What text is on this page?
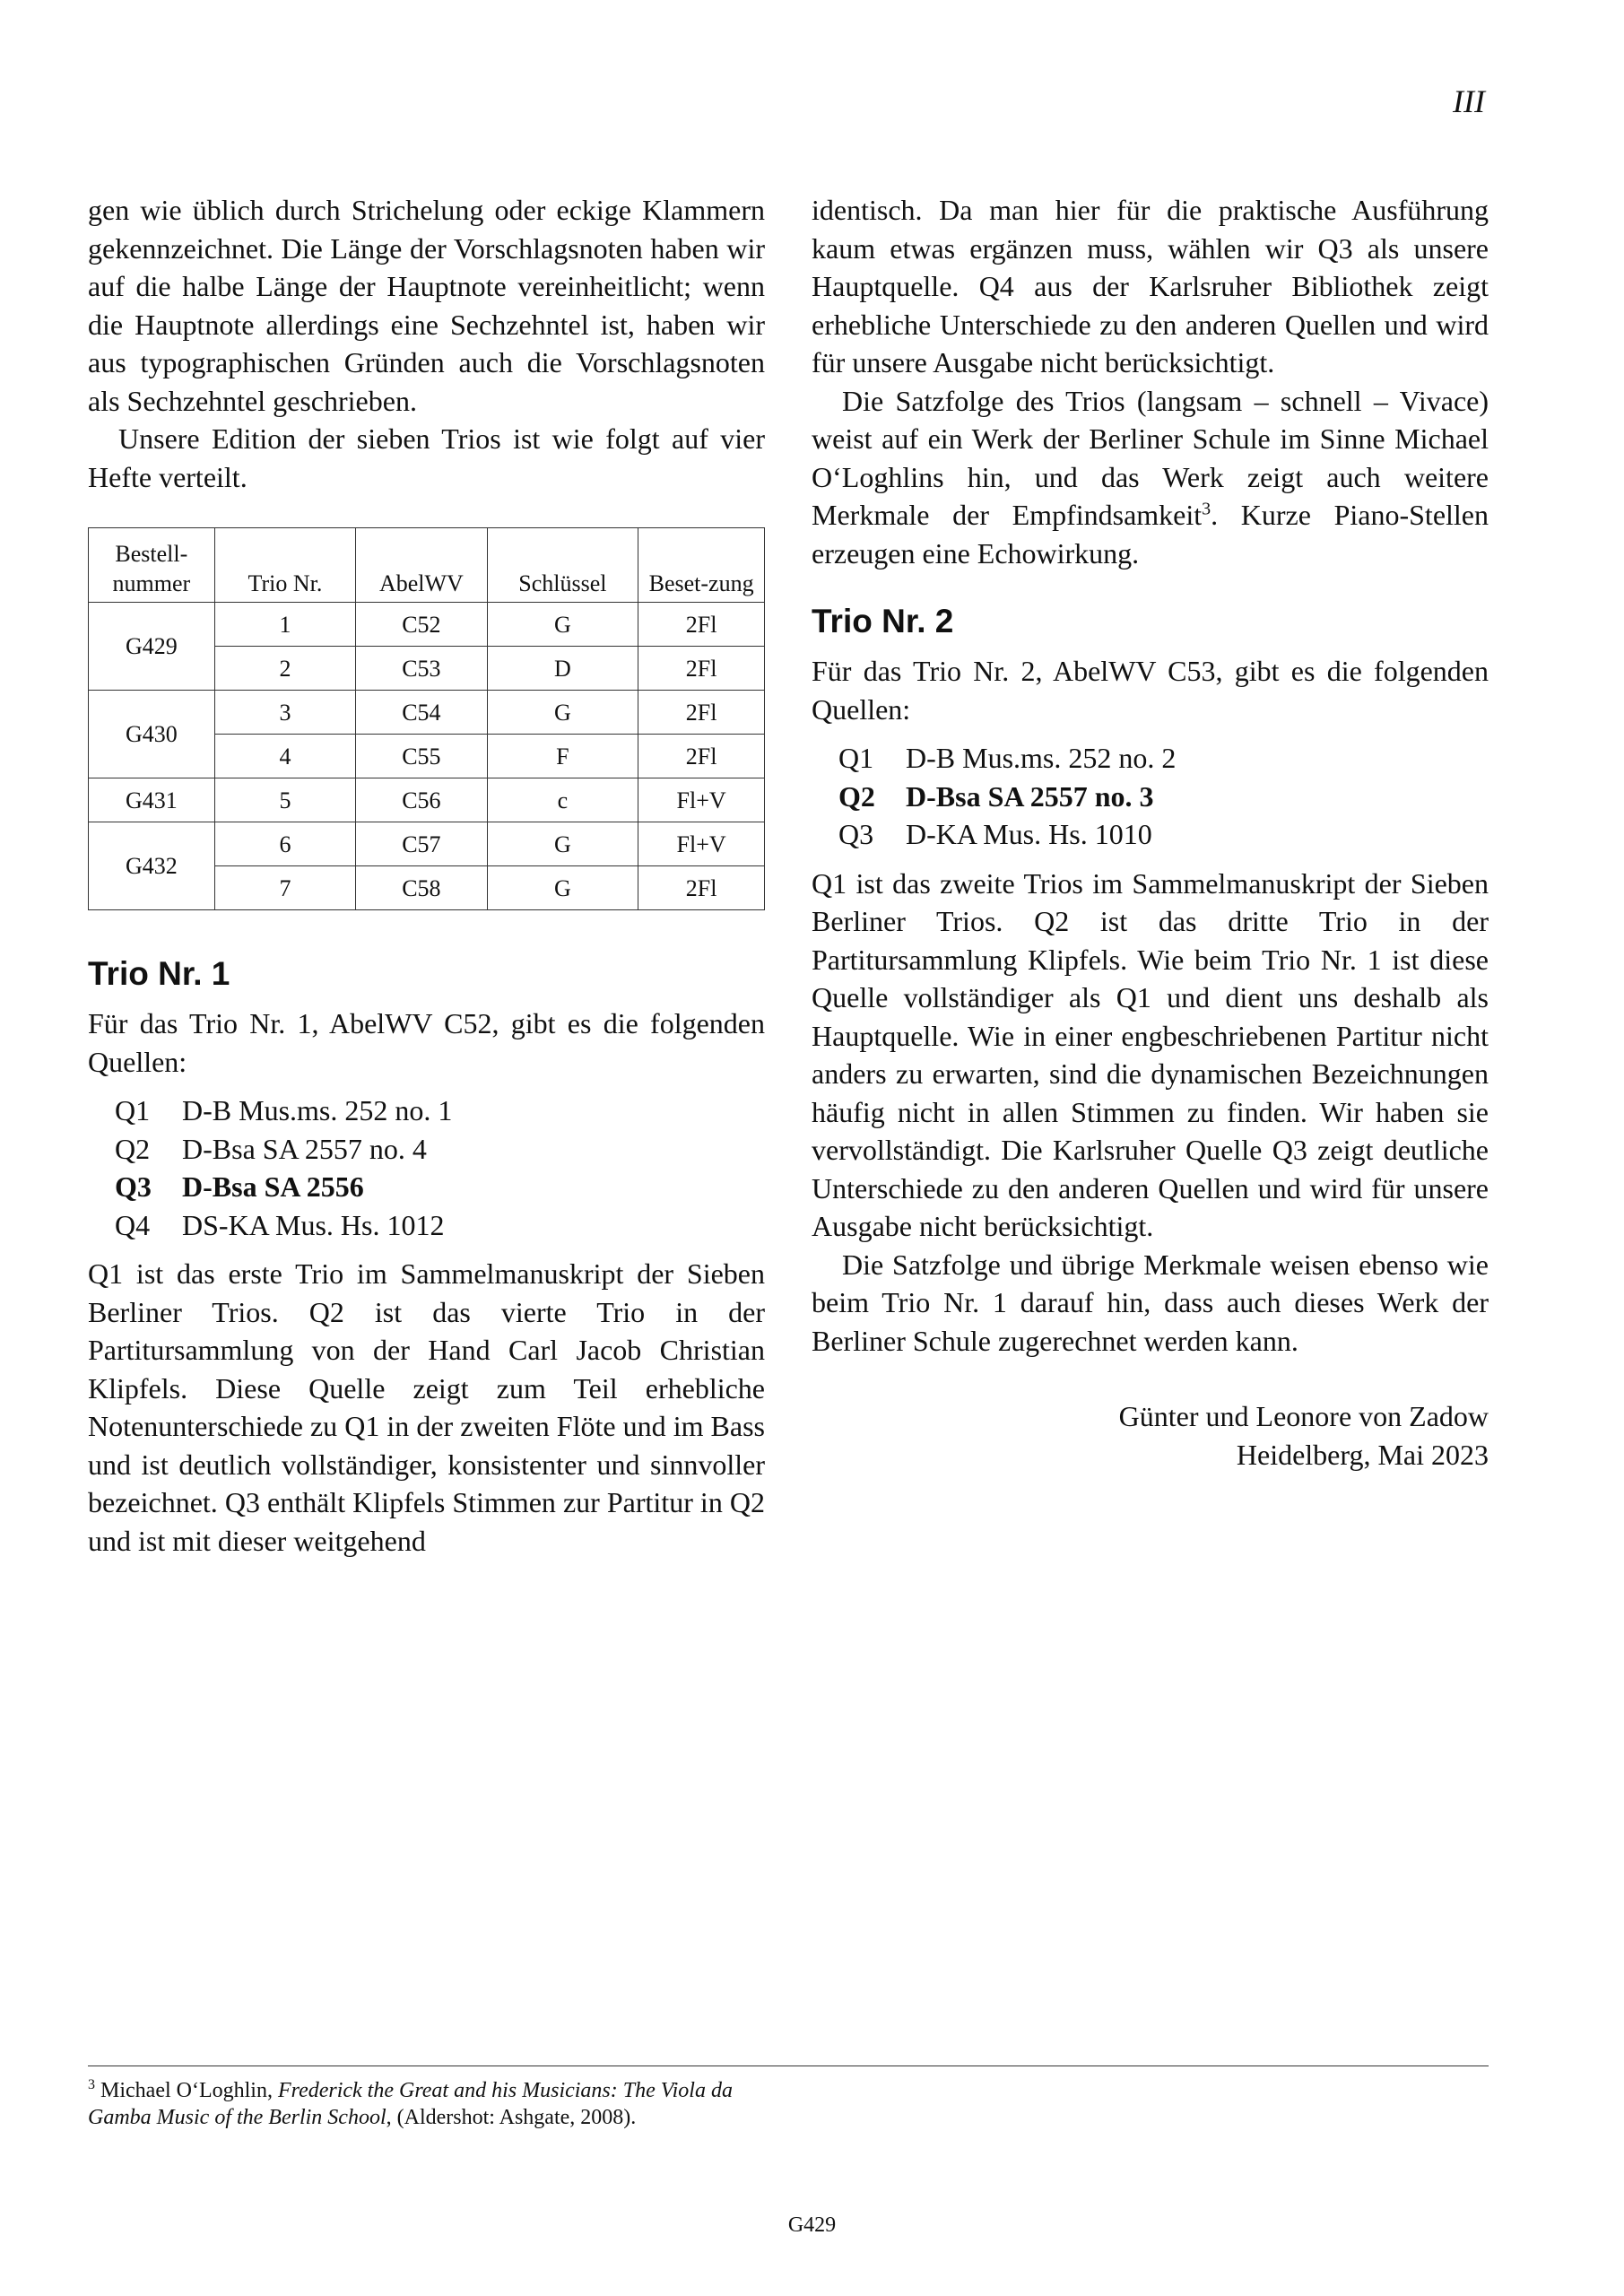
III

gen wie üblich durch Strichelung oder eckige Klammern gekennzeichnet. Die Länge der Vorschlagsnoten haben wir auf die halbe Länge der Hauptnote vereinheitlicht; wenn die Hauptnote allerdings eine Sechzehntel ist, haben wir aus typographischen Gründen auch die Vorschlagsnoten als Sechzehntel geschrieben.

Unsere Edition der sieben Trios ist wie folgt auf vier Hefte verteilt.

Bestell-nummer	Trio Nr.	AbelWV	Schlüssel	Beset-zung
G429	1	C52	G	2Fl
	2	C53	D	2Fl
G430	3	C54	G	2Fl
	4	C55	F	2Fl
G431	5	C56	c	Fl+V
G432	6	C57	G	Fl+V
	7	C58	G	2Fl
Trio Nr. 1

Für das Trio Nr. 1, AbelWV C52, gibt es die folgenden Quellen:

Q1	D-B Mus.ms. 252 no. 1
Q2	D-Bsa SA 2557 no. 4
Q3	D-Bsa SA 2556
Q4	DS-KA Mus. Hs. 1012

Q1 ist das erste Trio im Sammelmanuskript der Sieben Berliner Trios. Q2 ist das vierte Trio in der Partitursammlung von der Hand Carl Jacob Christian Klipfels. Diese Quelle zeigt zum Teil erhebliche Notenunterschiede zu Q1 in der zweiten Flöte und im Bass und ist deutlich vollständiger, konsistenter und sinnvoller bezeichnet. Q3 enthält Klipfels Stimmen zur Partitur in Q2 und ist mit dieser weitgehend

identisch. Da man hier für die praktische Ausführung kaum etwas ergänzen muss, wählen wir Q3 als unsere Hauptquelle. Q4 aus der Karlsruher Bibliothek zeigt erhebliche Unterschiede zu den anderen Quellen und wird für unsere Ausgabe nicht berücksichtigt.

Die Satzfolge des Trios (langsam – schnell – Vivace) weist auf ein Werk der Berliner Schule im Sinne Michael O‘Loghlins hin, und das Werk zeigt auch weitere Merkmale der Empfindsamkeit$^3$. Kurze Piano-Stellen erzeugen eine Echowirkung.

Trio Nr. 2

Für das Trio Nr. 2, AbelWV C53, gibt es die folgenden Quellen:

Q1	D-B Mus.ms. 252 no. 2
Q2	D-Bsa SA 2557 no. 3
Q3	D-KA Mus. Hs. 1010

Q1 ist das zweite Trios im Sammelmanuskript der Sieben Berliner Trios. Q2 ist das dritte Trio in der Partitursammlung Klipfels. Wie beim Trio Nr. 1 ist diese Quelle vollständiger als Q1 und dient uns deshalb als Hauptquelle. Wie in einer engbeschriebenen Partitur nicht anders zu erwarten, sind die dynamischen Bezeichnungen häufig nicht in allen Stimmen zu finden. Wir haben sie vervollständigt. Die Karlsruher Quelle Q3 zeigt deutliche Unterschiede zu den anderen Quellen und wird für unsere Ausgabe nicht berücksichtigt.

Die Satzfolge und übrige Merkmale weisen ebenso wie beim Trio Nr. 1 darauf hin, dass auch dieses Werk der Berliner Schule zugerechnet werden kann.

Günter und Leonore von Zadow
Heidelberg, Mai 2023
$^3$ Michael O‘Loghlin, Frederick the Great and his Musicians: The Viola da Gamba Music of the Berlin School, (Aldershot: Ashgate, 2008).
G429
